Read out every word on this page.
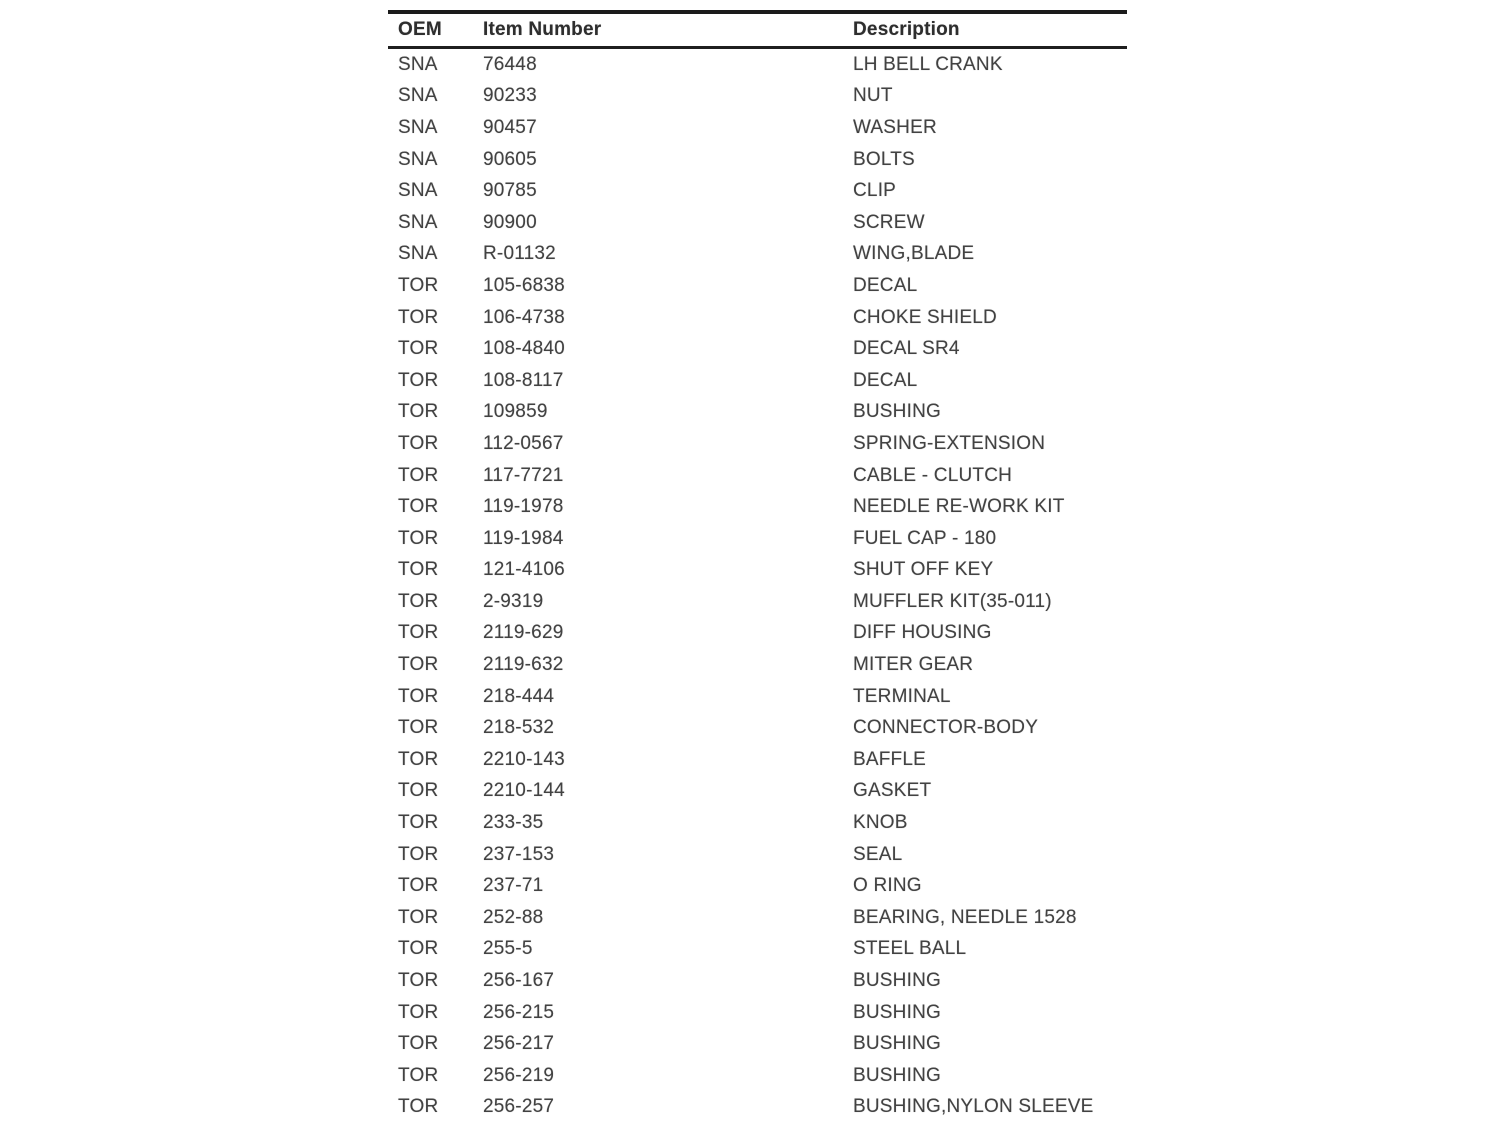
OEM	Item Number	Description
SNA	76448	LH BELL CRANK
SNA	90233	NUT
SNA	90457	WASHER
SNA	90605	BOLTS
SNA	90785	CLIP
SNA	90900	SCREW
SNA	R-01132	WING,BLADE
TOR	105-6838	DECAL
TOR	106-4738	CHOKE SHIELD
TOR	108-4840	DECAL SR4
TOR	108-8117	DECAL
TOR	109859	BUSHING
TOR	112-0567	SPRING-EXTENSION
TOR	117-7721	CABLE - CLUTCH
TOR	119-1978	NEEDLE RE-WORK KIT
TOR	119-1984	FUEL CAP - 180
TOR	121-4106	SHUT OFF KEY
TOR	2-9319	MUFFLER KIT(35-011)
TOR	2119-629	DIFF HOUSING
TOR	2119-632	MITER GEAR
TOR	218-444	TERMINAL
TOR	218-532	CONNECTOR-BODY
TOR	2210-143	BAFFLE
TOR	2210-144	GASKET
TOR	233-35	KNOB
TOR	237-153	SEAL
TOR	237-71	O RING
TOR	252-88	BEARING, NEEDLE 1528
TOR	255-5	STEEL BALL
TOR	256-167	BUSHING
TOR	256-215	BUSHING
TOR	256-217	BUSHING
TOR	256-219	BUSHING
TOR	256-257	BUSHING,NYLON SLEEVE
